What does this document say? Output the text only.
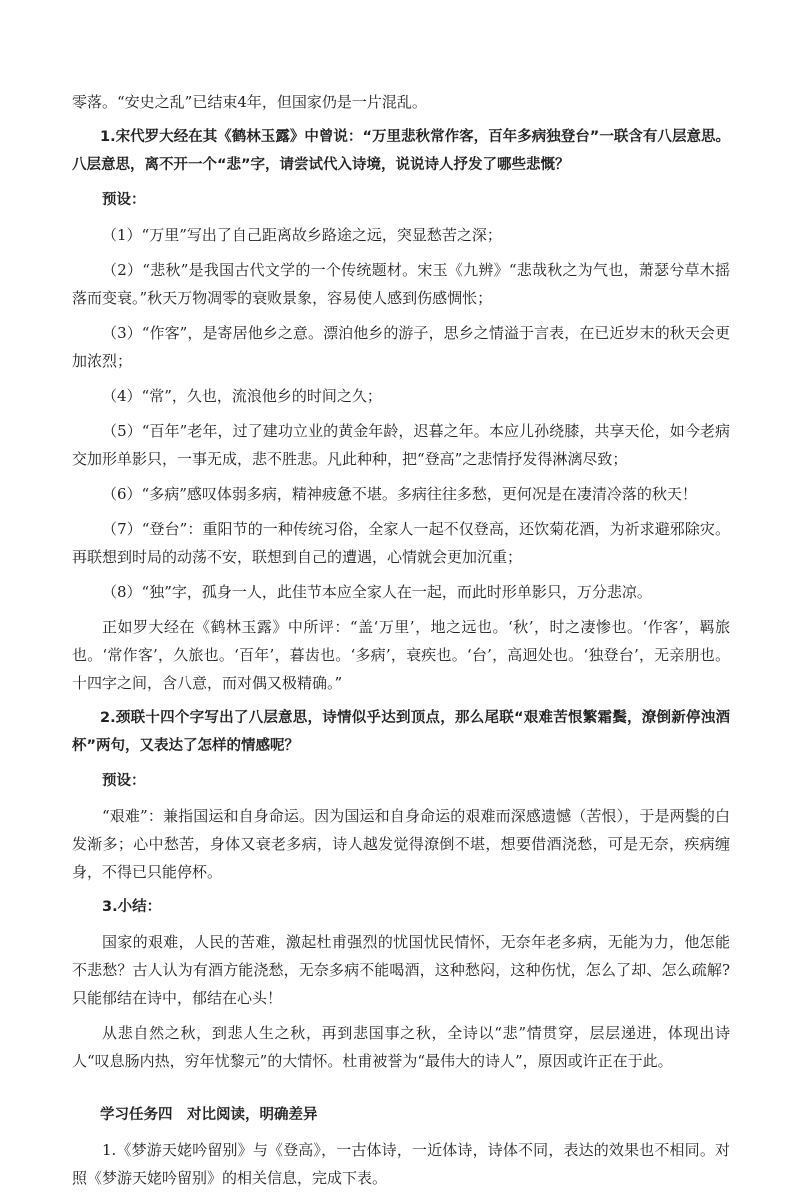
零落。“安史之乱”已结束4年，但国家仍是一片混乱。

1.宋代罗大经在其《鹤林玉露》中曾说：“万里悲秋常作客，百年多病独登台”一联含有八层意思。八层意思，离不开一个“悲”字，请尝试代入诗境，说说诗人抒发了哪些悲慨？

预设：

（1）“万里”写出了自己距离故乡路途之远，突显愁苦之深；

（2）“悲秋”是我国古代文学的一个传统题材。宋玉《九辨》“悲哉秋之为气也，萧瑟兮草木摇落而变衰。”秋天万物凋零的衰败景象，容易使人感到伤感惆怅；

（3）“作客”，是寄居他乡之意。漂泊他乡的游子，思乡之情溢于言表，在已近岁末的秋天会更加浓烈；

（4）“常”，久也，流浪他乡的时间之久；

（5）“百年”老年，过了建功立业的黄金年龄，迟暮之年。本应儿孙绕膝，共享天伦，如今老病交加形单影只，一事无成，悲不胜悲。凡此种种，把“登高”之悲情抒发得淋漓尽致；

（6）“多病”感叹体弱多病，精神疲惫不堪。多病往往多愁，更何况是在凄清冷落的秋天！

（7）“登台”：重阳节的一种传统习俗，全家人一起不仅登高，还饮菊花酒，为祈求避邪除灾。再联想到时局的动荡不安，联想到自己的遭遇，心情就会更加沉重；

（8）“独”字，孤身一人，此佳节本应全家人在一起，而此时形单影只，万分悲凉。

正如罗大经在《鹤林玉露》中所评：“盖‘万里’，地之远也。‘秋’，时之凄惨也。‘作客’，羁旅也。‘常作客’，久旅也。‘百年’，暮齿也。‘多病’，衰疾也。‘台’，高迥处也。‘独登台’，无亲朋也。十四字之间，含八意，而对偶又极精确。”

2.颈联十四个字写出了八层意思，诗情似乎达到顶点，那么尾联“艰难苦恨繁霜鬓，潦倒新停浊酒杯”两句，又表达了怎样的情感呢？

预设：

“艰难”：兼指国运和自身命运。因为国运和自身命运的艰难而深感遗憾（苦恨），于是两鬓的白发渐多；心中愁苦，身体又衰老多病，诗人越发觉得潦倒不堪，想要借酒浇愁，可是无奈，疾病缠身，不得已只能停杯。

3.小结：

国家的艰难，人民的苦难，激起杜甫强烈的忧国忧民情怀，无奈年老多病，无能为力，他怎能不悲愁？古人认为有酒方能浇愁，无奈多病不能喝酒，这种愁闷，这种伤忧，怎么了却、怎么疏解?只能郁结在诗中，郁结在心头！

从悲自然之秋，到悲人生之秋，再到悲国事之秋，全诗以“悲”情贯穿，层层递进，体现出诗人“叹息肠内热，穷年忧黎元”的大情怀。杜甫被誉为“最伟大的诗人”，原因或许正在于此。

学习任务四　对比阅读，明确差异

1.《梦游天姥吟留别》与《登高》，一古体诗，一近体诗，诗体不同，表达的效果也不相同。对照《梦游天姥吟留别》的相关信息，完成下表。
